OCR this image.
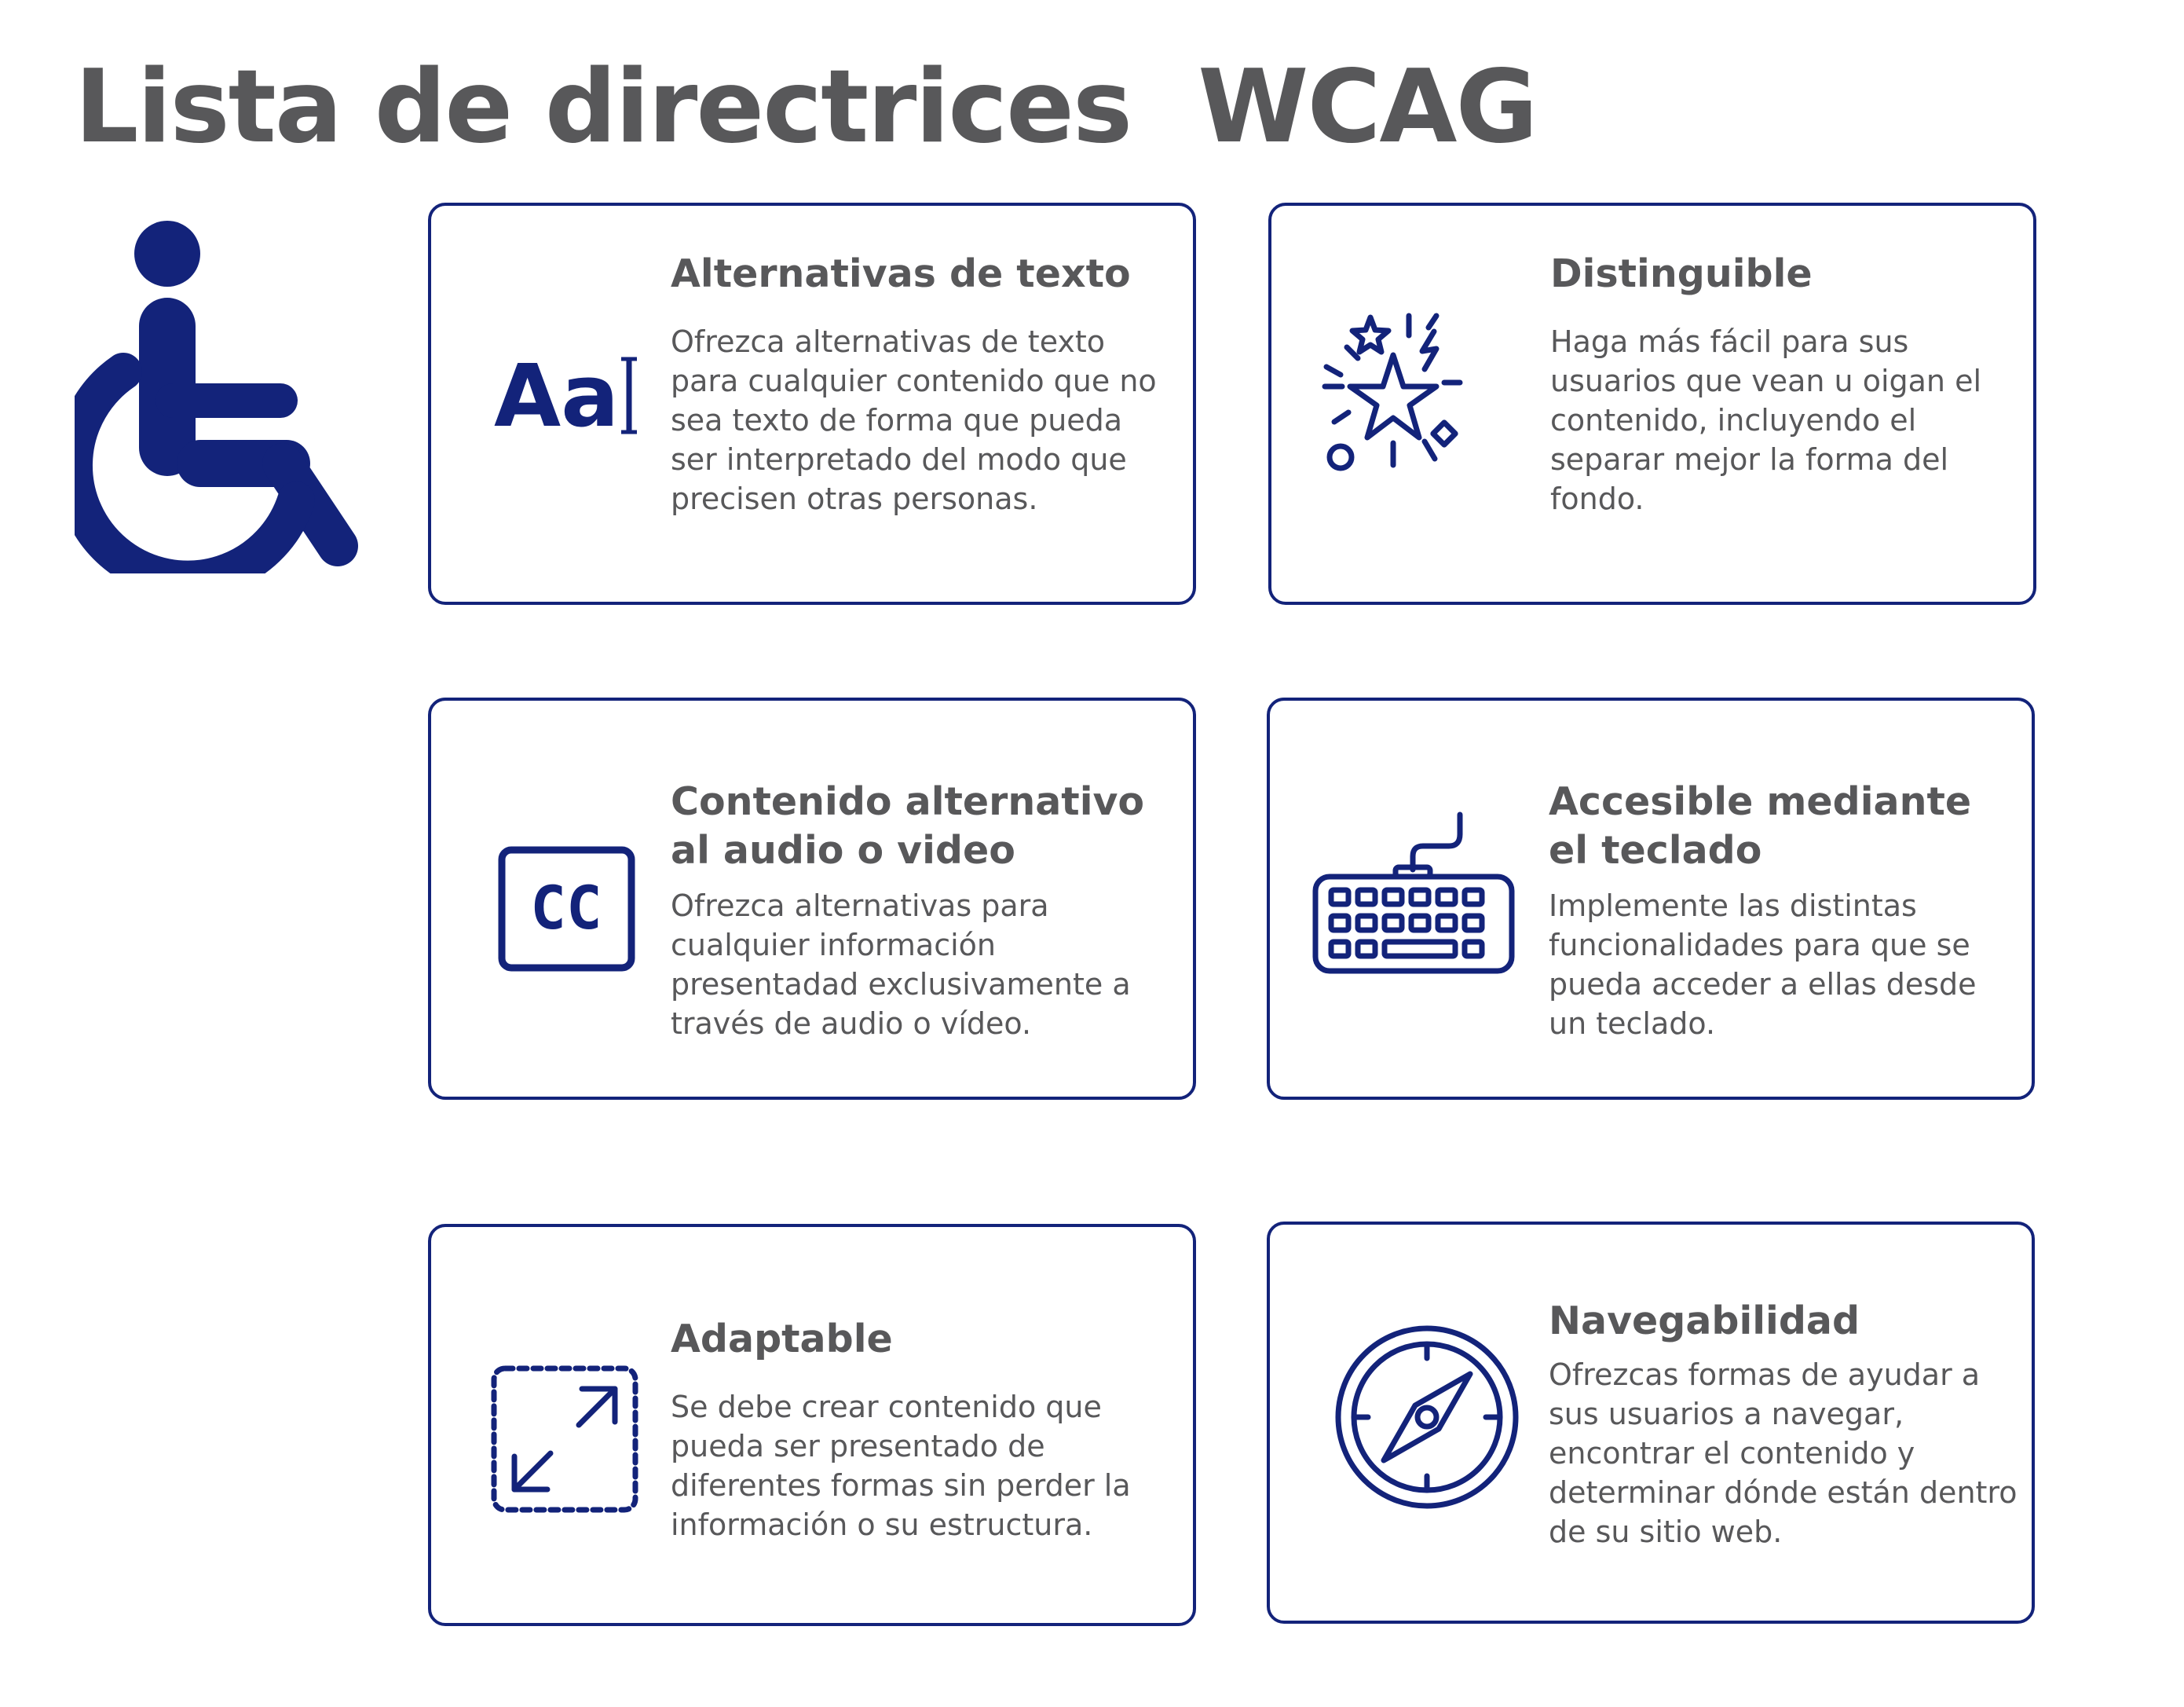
Lista de directrices  WCAG
Aa
Alternativas de texto

Ofrezca alternativas de texto para cualquier contenido que no sea texto de forma que pueda ser interpretado del modo que precisen otras personas.

Distinguible

Haga más fácil para sus usuarios que vean u oigan el contenido, incluyendo el separar mejor la forma del fondo.

CC
Contenido alternativo al audio o video

Ofrezca alternativas para cualquier información presentadad exclusivamente a través de audio o vídeo.

Accesible mediante el teclado

Implemente las distintas funcionalidades para que se pueda acceder a ellas desde un teclado.

Adaptable

Se debe crear contenido que pueda ser presentado de diferentes formas sin perder la información o su estructura.

Navegabilidad

Ofrezcas formas de ayudar a sus usuarios a navegar, encontrar el contenido y determinar dónde están dentro de su sitio web.
